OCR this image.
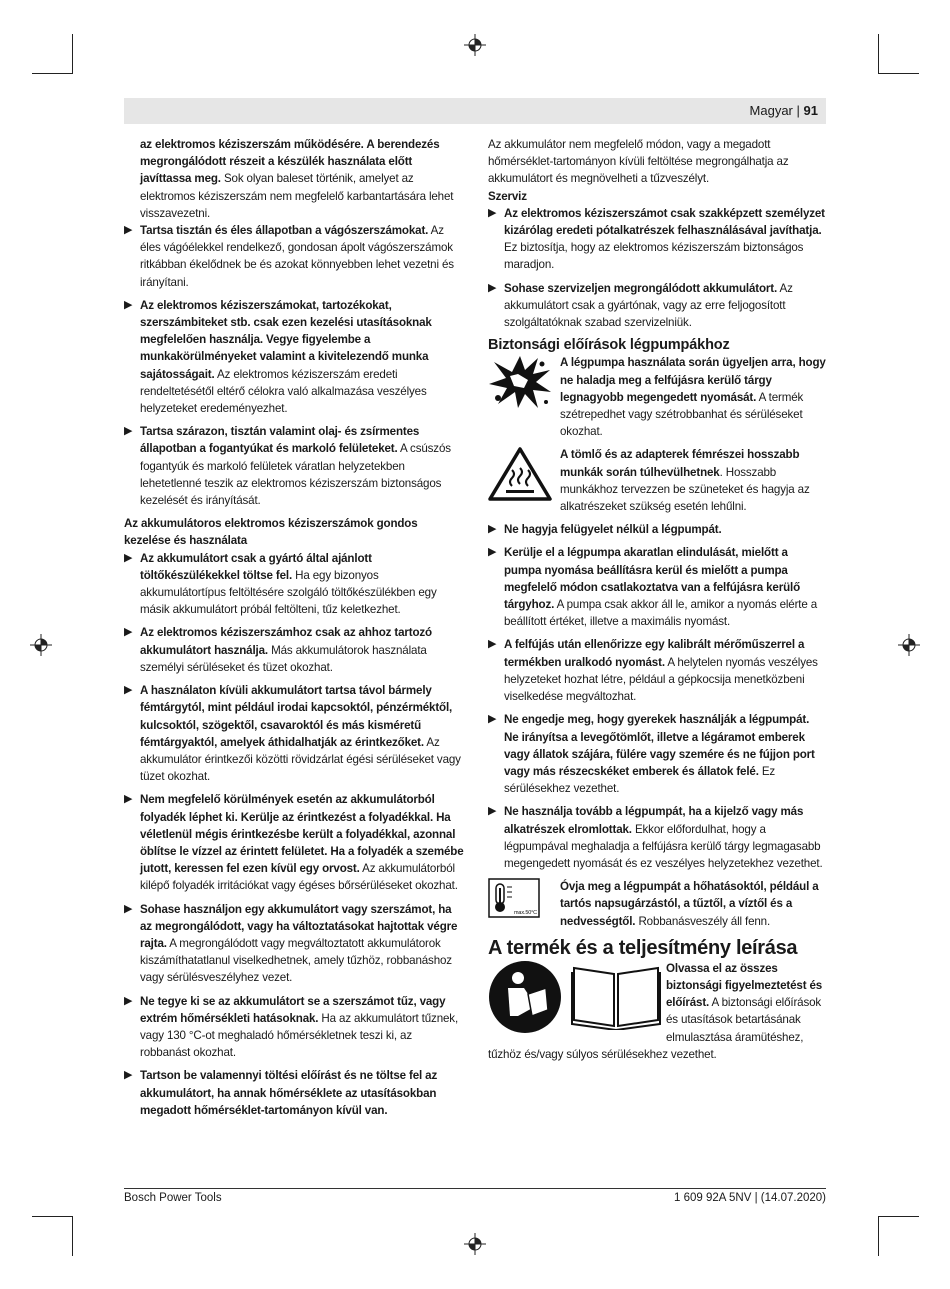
Magyar | 91

az elektromos kéziszerszám működésére. A berendezés megrongálódott részeit a készülék használata előtt javíttassa meg. Sok olyan baleset történik, amelyet az elektromos kéziszerszám nem megfelelő karbantartására lehet visszavezetni.

▶ Tartsa tisztán és éles állapotban a vágószerszámokat. Az éles vágóélekkel rendelkező, gondosan ápolt vágószerszámok ritkábban ékelődnek be és azokat könnyebben lehet vezetni és irányítani.
▶ Az elektromos kéziszerszámokat, tartozékokat, szerszámbiteket stb. csak ezen kezelési utasításoknak megfelelően használja. Vegye figyelembe a munkakörülményeket valamint a kivitelezendő munka sajátosságait. Az elektromos kéziszerszám eredeti rendeltetésétől eltérő célokra való alkalmazása veszélyes helyzeteket eredeményezhet.
▶ Tartsa szárazon, tisztán valamint olaj- és zsírmentes állapotban a fogantyúkat és markoló felületeket. A csúszós fogantyúk és markoló felületek váratlan helyzetekben lehetetlenné teszik az elektromos kéziszerszám biztonságos kezelését és irányítását.

Az akkumulátoros elektromos kéziszerszámok gondos kezelése és használata

▶ Az akkumulátort csak a gyártó által ajánlott töltőkészülékekkel töltse fel. Ha egy bizonyos akkumulátortípus feltöltésére szolgáló töltőkészülékben egy másik akkumulátort próbál feltölteni, tűz keletkezhet.
▶ Az elektromos kéziszerszámhoz csak az ahhoz tartozó akkumulátort használja. Más akkumulátorok használata személyi sérüléseket és tüzet okozhat.
▶ A használaton kívüli akkumulátort tartsa távol bármely fémtárgytól, mint például irodai kapcsoktól, pénzérméktől, kulcsoktól, szögektől, csavaroktól és más kisméretű fémtárgyaktól, amelyek áthidalhatják az érintkezőket. Az akkumulátor érintkezői közötti rövidzárlat égési sérüléseket vagy tüzet okozhat.
▶ Nem megfelelő körülmények esetén az akkumulátorból folyadék léphet ki. Kerülje az érintkezést a folyadékkal. Ha véletlenül mégis érintkezésbe került a folyadékkal, azonnal öblítse le vízzel az érintett felületet. Ha a folyadék a szemébe jutott, keressen fel ezen kívül egy orvost. Az akkumulátorból kilépő folyadék irritációkat vagy égéses bőrsérüléseket okozhat.
▶ Sohase használjon egy akkumulátort vagy szerszámot, ha az megrongálódott, vagy ha változtatásokat hajtottak végre rajta. A megrongálódott vagy megváltoztatott akkumulátorok kiszámíthatatlanul viselkedhetnek, amely tűzhöz, robbanáshoz vagy sérülésveszélyhez vezet.
▶ Ne tegye ki se az akkumulátort se a szerszámot tűz, vagy extrém hőmérsékleti hatásoknak. Ha az akkumulátort tűznek, vagy 130 °C-ot meghaladó hőmérsékletnek teszi ki, az robbanást okozhat.
▶ Tartson be valamennyi töltési előírást és ne töltse fel az akkumulátort, ha annak hőmérséklete az utasításokban megadott hőmérséklet-tartományon kívül van.

Az akkumulátor nem megfelelő módon, vagy a megadott hőmérséklet-tartományon kívüli feltöltése megrongálhatja az akkumulátort és megnövelheti a tűzveszélyt.

Szerviz

▶ Az elektromos kéziszerszámot csak szakképzett személyzet kizárólag eredeti pótalkatrészek felhasználásával javíthatja. Ez biztosítja, hogy az elektromos kéziszerszám biztonságos maradjon.
▶ Sohase szervizeljen megrongálódott akkumulátort. Az akkumulátort csak a gyártónak, vagy az erre feljogosított szolgáltatóknak szabad szervizelniük.

Biztonsági előírások légpumpákhoz

A légpumpa használata során ügyeljen arra, hogy ne haladja meg a felfújásra kerülő tárgy legnagyobb megengedett nyomását. A termék szétrepedhet vagy szétrobbanhat és sérüléseket okozhat.
A tömlő és az adapterek fémrészei hosszabb munkák során túlhevülhetnek. Hosszabb munkákhoz tervezzen be szüneteket és hagyja az alkatrészeket szükség esetén lehűlni.
▶ Ne hagyja felügyelet nélkül a légpumpát.
▶ Kerülje el a légpumpa akaratlan elindulását, mielőtt a pumpa nyomása beállításra kerül és mielőtt a pumpa megfelelő módon csatlakoztatva van a felfújásra kerülő tárgyhoz. A pumpa csak akkor áll le, amikor a nyomás elérte a beállított értéket, illetve a maximális nyomást.
▶ A felfújás után ellenőrizze egy kalibrált mérőműszerrel a termékben uralkodó nyomást. A helytelen nyomás veszélyes helyzeteket hozhat létre, például a gépkocsija menetközbeni viselkedése megváltozhat.
▶ Ne engedje meg, hogy gyerekek használják a légpumpát. Ne irányítsa a levegőtömlőt, illetve a légáramot emberek vagy állatok szájára, fülére vagy szemére és ne fújjon port vagy más részecskéket emberek és állatok felé. Ez sérülésekhez vezethet.
▶ Ne használja tovább a légpumpát, ha a kijelző vagy más alkatrészek elromlottak. Ekkor előfordulhat, hogy a légpumpával meghaladja a felfújásra kerülő tárgy legmagasabb megengedett nyomását és ez veszélyes helyzetekhez vezethet.
max.50°C
Óvja meg a légpumpát a hőhatásoktól, például a tartós napsugárzástól, a tűztől, a víztől és a nedvességtől. Robbanásveszély áll fenn.

A termék és a teljesítmény leírása

Olvassa el az összes biztonsági figyelmeztetést és előírást. A biztonsági előírások és utasítások betartásának elmulasztása áramütéshez, tűzhöz és/vagy súlyos sérülésekhez vezethet.

Bosch Power Tools	1 609 92A 5NV | (14.07.2020)
